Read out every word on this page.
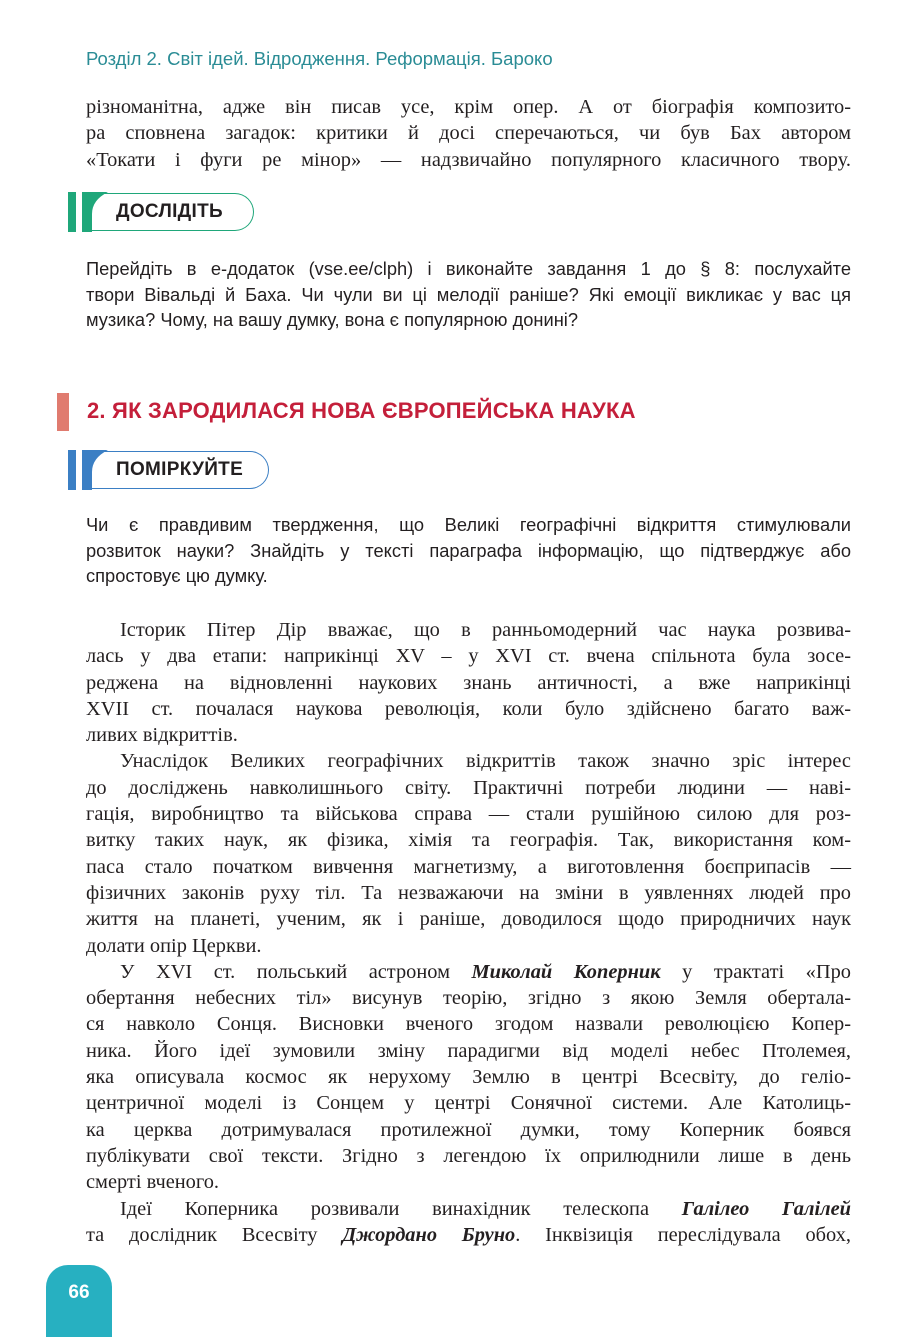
Розділ 2. Світ ідей. Відродження. Реформація. Бароко

різноманітна, адже він писав усе, крім опер. А от біографія композито-

ра сповнена загадок: критики й досі сперечаються, чи був Бах автором

«Токати і фуги ре мінор» — надзвичайно популярного класичного твору.

ДОСЛІДІТЬ
Перейдіть в е-додаток (vse.ee/clph) і виконайте завдання 1 до § 8: послухайте
твори Вівальді й Баха. Чи чули ви ці мелодії раніше? Які емоції викликає у вас ця
музика? Чому, на вашу думку, вона є популярною донині?
2. ЯК ЗАРОДИЛАСЯ НОВА ЄВРОПЕЙСЬКА НАУКА
ПОМІРКУЙТЕ
Чи є правдивим твердження, що Великі географічні відкриття стимулювали
розвиток науки? Знайдіть у тексті параграфа інформацію, що підтверджує або
спростовує цю думку.

Історик Пітер Дір вважає, що в ранньомодерний час наука розвива-

лась у два етапи: наприкінці XV – у XVI ст. вчена спільнота була зосе-

реджена на відновленні наукових знань античності, а вже наприкінці

XVII ст. почалася наукова революція, коли було здійснено багато важ-

ливих відкриттів.

Унаслідок Великих географічних відкриттів також значно зріс інтерес

до досліджень навколишнього світу. Практичні потреби людини — наві-

гація, виробництво та військова справа — стали рушійною силою для роз-

витку таких наук, як фізика, хімія та географія. Так, використання ком-

паса стало початком вивчення магнетизму, а виготовлення боєприпасів —

фізичних законів руху тіл. Та незважаючи на зміни в уявленнях людей про

життя на планеті, ученим, як і раніше, доводилося щодо природничих наук

долати опір Церкви.

У XVI ст. польський астроном Миколай Коперник у трактаті «Про

обертання небесних тіл» висунув теорію, згідно з якою Земля обертала-

ся навколо Сонця. Висновки вченого згодом назвали революцією Копер-

ника. Його ідеї зумовили зміну парадигми від моделі небес Птолемея,

яка описувала космос як нерухому Землю в центрі Всесвіту, до геліо-

центричної моделі із Сонцем у центрі Сонячної системи. Але Католиць-

ка церква дотримувалася протилежної думки, тому Коперник боявся

публікувати свої тексти. Згідно з легендою їх оприлюднили лише в день

смерті вченого.

Ідеї Коперника розвивали винахідник телескопа Галілео Галілей

та дослідник Всесвіту Джордано Бруно. Інквізиція переслідувала обох,

66
